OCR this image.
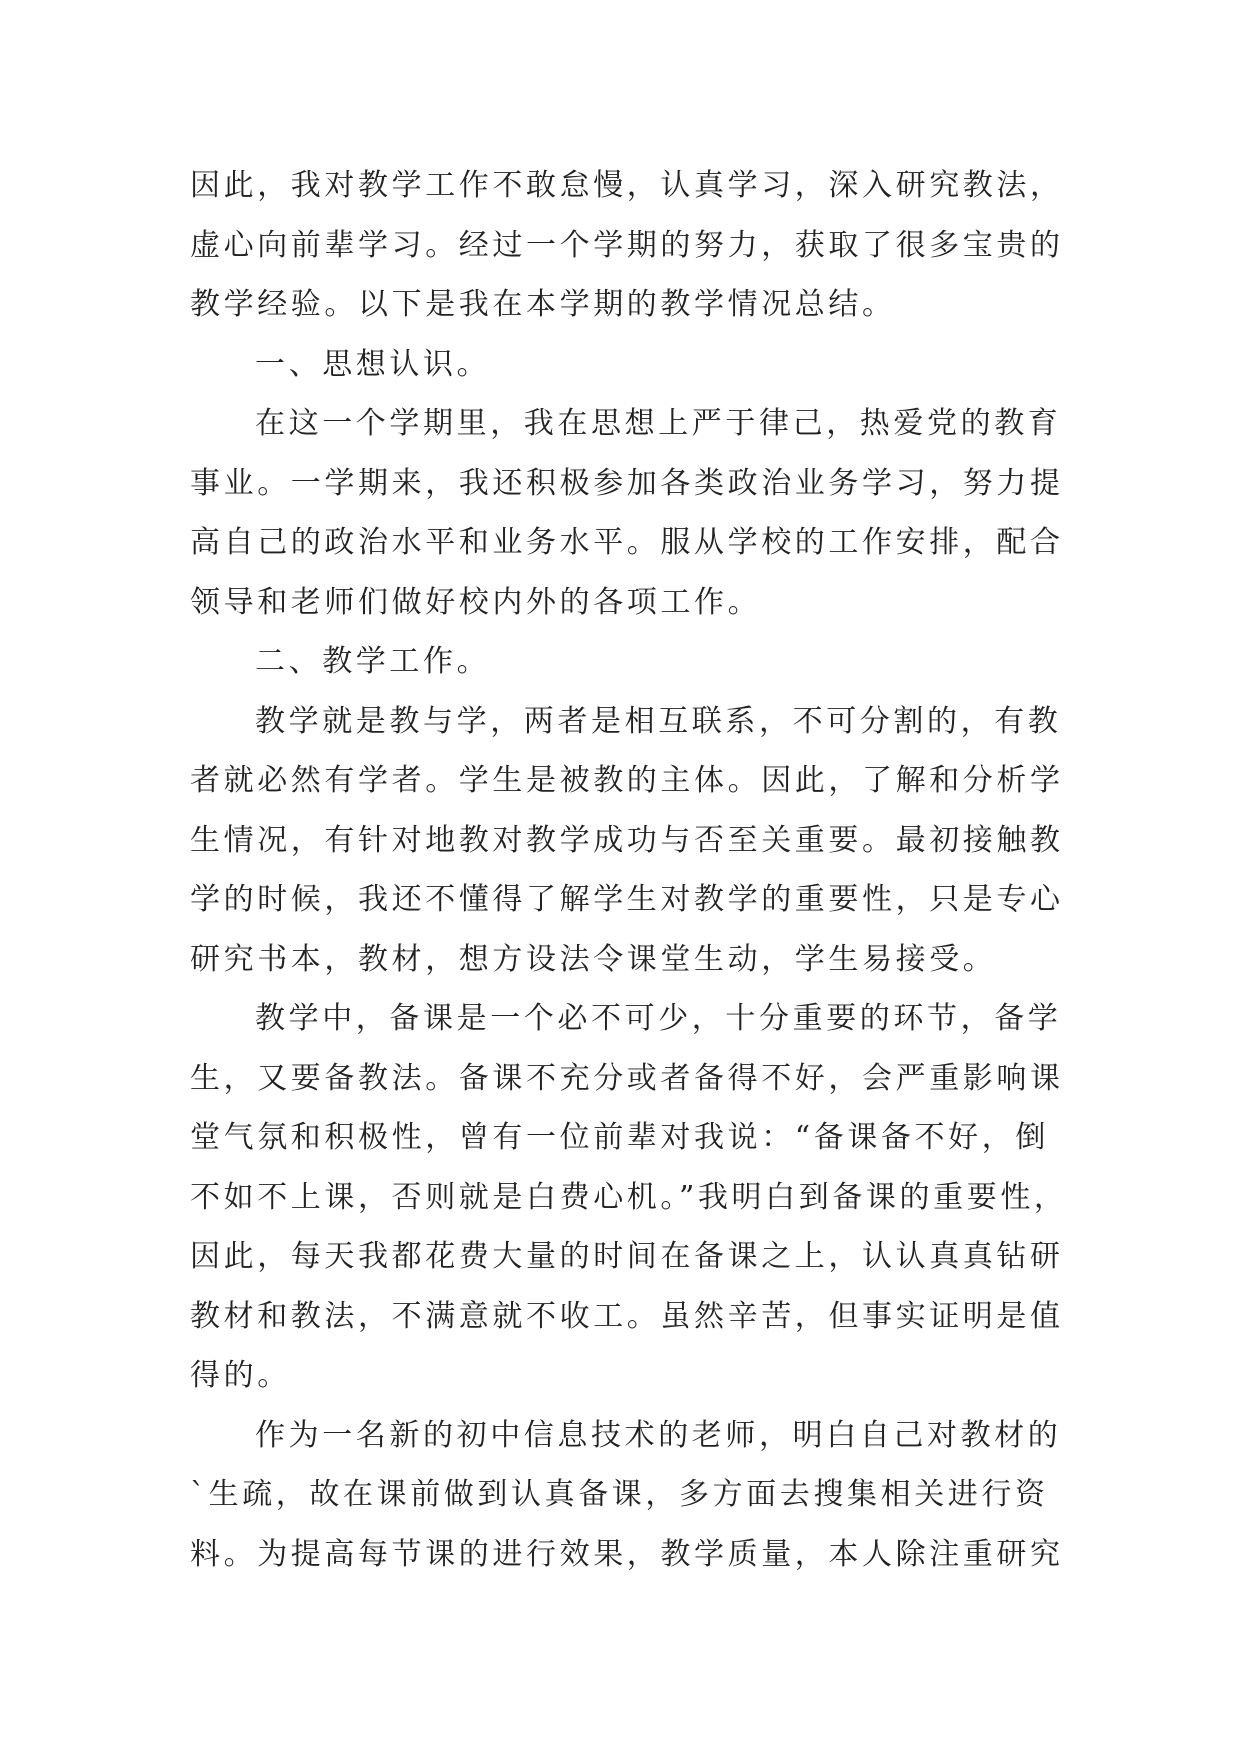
因此，我对教学工作不敢怠慢，认真学习，深入研究教法，
虚心向前辈学习。经过一个学期的努力，获取了很多宝贵的
教学经验。以下是我在本学期的教学情况总结。
一、思想认识。
在这一个学期里，我在思想上严于律己，热爱党的教育
事业。一学期来，我还积极参加各类政治业务学习，努力提
高自己的政治水平和业务水平。服从学校的工作安排，配合
领导和老师们做好校内外的各项工作。
二、教学工作。
教学就是教与学，两者是相互联系，不可分割的，有教
者就必然有学者。学生是被教的主体。因此，了解和分析学
生情况，有针对地教对教学成功与否至关重要。最初接触教
学的时候，我还不懂得了解学生对教学的重要性，只是专心
研究书本，教材，想方设法令课堂生动，学生易接受。
教学中，备课是一个必不可少，十分重要的环节，备学
生，又要备教法。备课不充分或者备得不好，会严重影响课
堂气氛和积极性，曾有一位前辈对我说：“备课备不好，倒
不如不上课，否则就是白费心机。”我明白到备课的重要性，
因此，每天我都花费大量的时间在备课之上，认认真真钻研
教材和教法，不满意就不收工。虽然辛苦，但事实证明是值
得的。
作为一名新的初中信息技术的老师，明白自己对教材的
`生疏，故在课前做到认真备课，多方面去搜集相关进行资
料。为提高每节课的进行效果，教学质量，本人除注重研究
